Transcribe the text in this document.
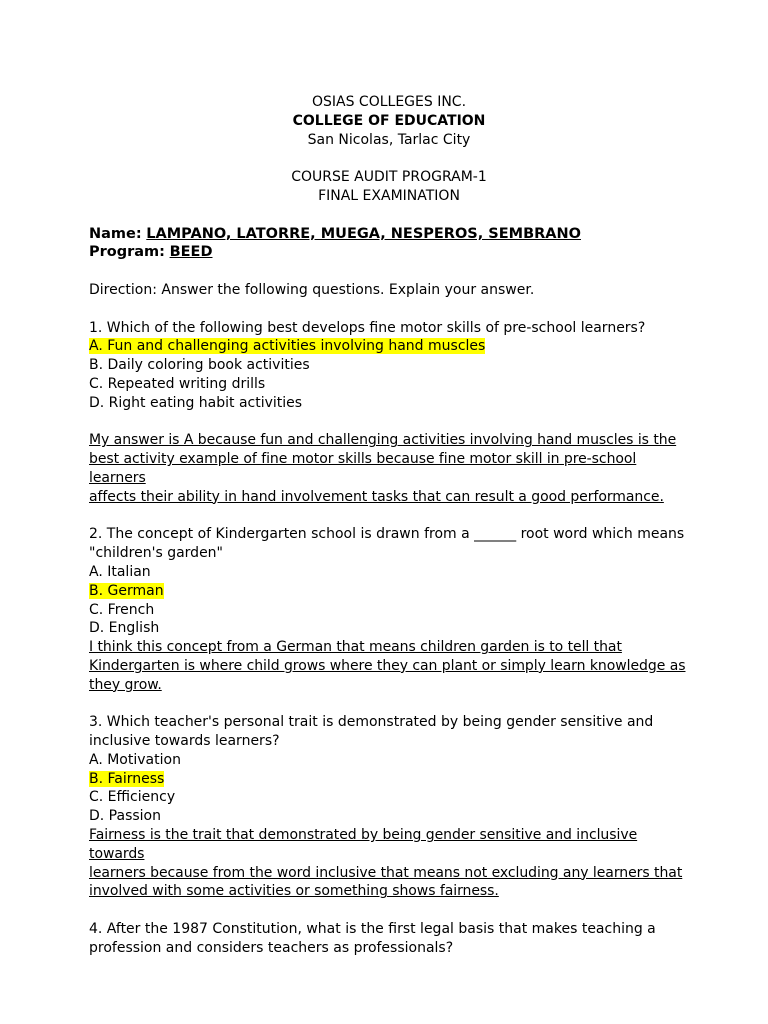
OSIAS COLLEGES INC.

COLLEGE OF EDUCATION

San Nicolas, Tarlac City

COURSE AUDIT PROGRAM-1

FINAL EXAMINATION

Name: LAMPANO, LATORRE, MUEGA, NESPEROS, SEMBRANO

Program: BEED

Direction: Answer the following questions. Explain your answer.

1. Which of the following best develops fine motor skills of pre-school learners?

A. Fun and challenging activities involving hand muscles

B. Daily coloring book activities

C. Repeated writing drills

D. Right eating habit activities

My answer is A because fun and challenging activities involving hand muscles is the

best activity example of fine motor skills because fine motor skill in pre-school learners

affects their ability in hand involvement tasks that can result a good performance.

2. The concept of Kindergarten school is drawn from a ______ root word which means

"children's garden"

A. Italian

B. German

C. French

D. English

I think this concept from a German that means children garden is to tell that

Kindergarten is where child grows where they can plant or simply learn knowledge as

they grow.

3. Which teacher's personal trait is demonstrated by being gender sensitive and

inclusive towards learners?

A. Motivation

B. Fairness

C. Efficiency

D. Passion

Fairness is the trait that demonstrated by being gender sensitive and inclusive towards

learners because from the word inclusive that means not excluding any learners that

involved with some activities or something shows fairness.

4. After the 1987 Constitution, what is the first legal basis that makes teaching a

profession and considers teachers as professionals?
